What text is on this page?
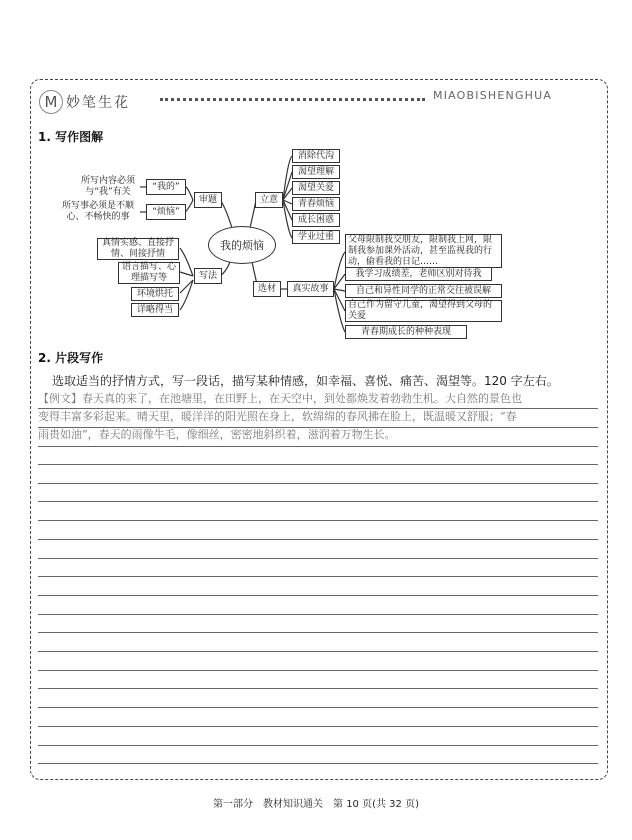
M 妙笔生花	MIAOBISHENGHUA
1. 写作图解
我的烦恼
审题
所写内容必须与“我”有关
“我的”
所写事必须是不顺心、不畅快的事
“烦恼”
写法
真情实感、直接抒情、间接抒情
语言描写、心理描写等
环境烘托
详略得当
立意
消除代沟
渴望理解
渴望关爱
青春烦恼
成长困惑
学业过重
选材	真实故事
父母限制我交朋友，限制我上网，限制我参加课外活动，甚至监视我的行动，偷看我的日记……
我学习成绩差，老师区别对待我
自己和异性同学的正常交往被误解
自己作为留守儿童，渴望得到父母的关爱
青春期成长的种种表现
2. 片段写作
选取适当的抒情方式，写一段话，描写某种情感，如幸福、喜悦、痛苦、渴望等。120 字左右。
【例文】春天真的来了，在池塘里，在田野上，在天空中，到处都焕发着勃勃生机。大自然的景色也
变得丰富多彩起来。晴天里，暖洋洋的阳光照在身上，软绵绵的春风拂在脸上，既温暖又舒服；“春
雨贵如油”，春天的雨像牛毛，像细丝，密密地斜织着，滋润着万物生长。
第一部分　教材知识通关　第 10 页(共 32 页)
